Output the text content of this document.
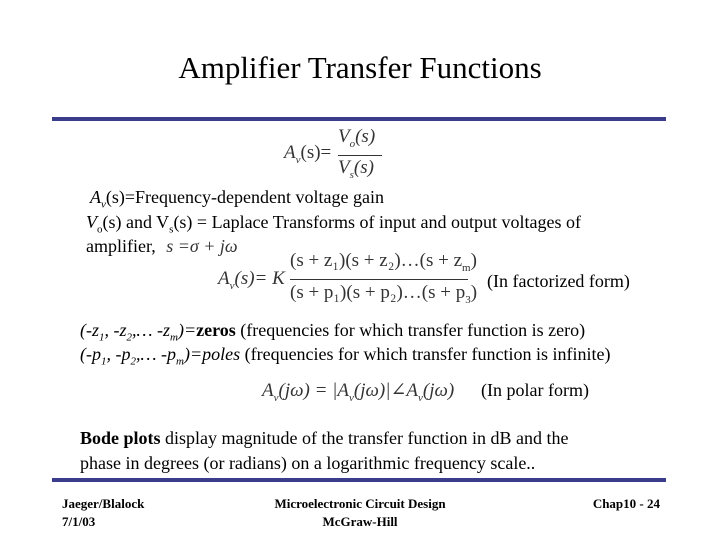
Amplifier Transfer Functions
$A_v(s)=$
$V_o(s)$
$V_s(s)$
$A_v(s)=Frequency$-dependent voltage gain
$V_o(s)$ and $V_s(s)$ = Laplace Transforms of input and output voltages of
amplifier, s =σ + jω
$A_v(s)= K$
(s + z₁)(s + z₂)…(s + $z_m$)
(s + p₁)(s + p₂)…(s + $p_3$)
(In factorized form)
($-z_1$, $-z_2,\dots$ $-z_m)=zeros$ (frequencies for which transfer function is zero)
($-p_1$, $-p_2,\dots$ $-p_m)=poles$ (frequencies for which transfer function is infinite)
$A_v(j\omega)$ = $|A_v(j\omega)|\angle A_v(j\omega)$ (In polar form)
Bode plots display magnitude of the transfer function in dB and the
phase in degrees (or radians) on a logarithmic frequency scale..
Jaeger/Blalock
7/1/03
Microelectronic Circuit Design
McGraw-Hill
Chap10 - 24
